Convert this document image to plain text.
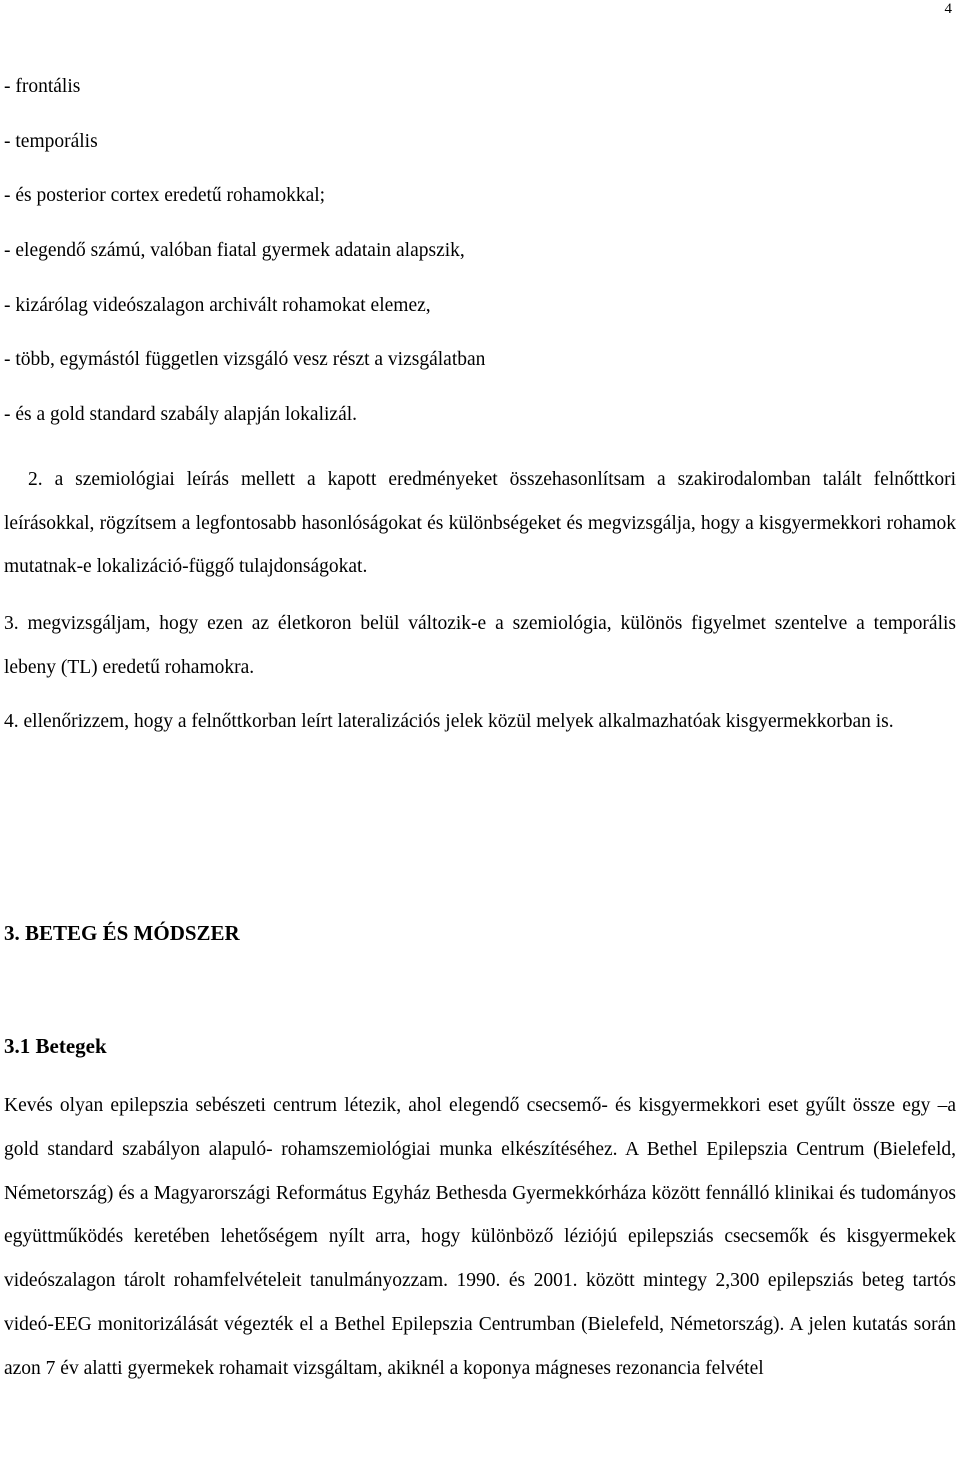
4
- frontális
- temporális
- és posterior cortex eredetű rohamokkal;
- elegendő számú, valóban fiatal gyermek adatain alapszik,
- kizárólag videószalagon archivált rohamokat elemez,
- több, egymástól független vizsgáló vesz részt a vizsgálatban
- és a gold standard szabály alapján lokalizál.

2. a szemiológiai leírás mellett a kapott eredményeket összehasonlítsam a szakirodalomban talált felnőttkori leírásokkal, rögzítsem a legfontosabb hasonlóságokat és különbségeket és megvizsgálja, hogy a kisgyermekkori rohamok mutatnak-e lokalizáció-függő tulajdonságokat.

3. megvizsgáljam, hogy ezen az életkoron belül változik-e a szemiológia, különös figyelmet szentelve a temporális lebeny (TL) eredetű rohamokra.

4. ellenőrizzem, hogy a felnőttkorban leírt lateralizációs jelek közül melyek alkalmazhatóak kisgyermekkorban is.

3. BETEG ÉS MÓDSZER
3.1 Betegek

Kevés olyan epilepszia sebészeti centrum létezik, ahol elegendő csecsemő- és kisgyermekkori eset gyűlt össze egy –a gold standard szabályon alapuló- rohamszemiológiai munka elkészítéséhez. A Bethel Epilepszia Centrum (Bielefeld, Németország) és a Magyarországi Református Egyház Bethesda Gyermekkórháza között fennálló klinikai és tudományos együttműködés keretében lehetőségem nyílt arra, hogy különböző léziójú epilepsziás csecsemők és kisgyermekek videószalagon tárolt rohamfelvételeit tanulmányozzam. 1990. és 2001. között mintegy 2,300 epilepsziás beteg tartós videó-EEG monitorizálását végezték el a Bethel Epilepszia Centrumban (Bielefeld, Németország). A jelen kutatás során azon 7 év alatti gyermekek rohamait vizsgáltam, akiknél a koponya mágneses rezonancia felvétel
